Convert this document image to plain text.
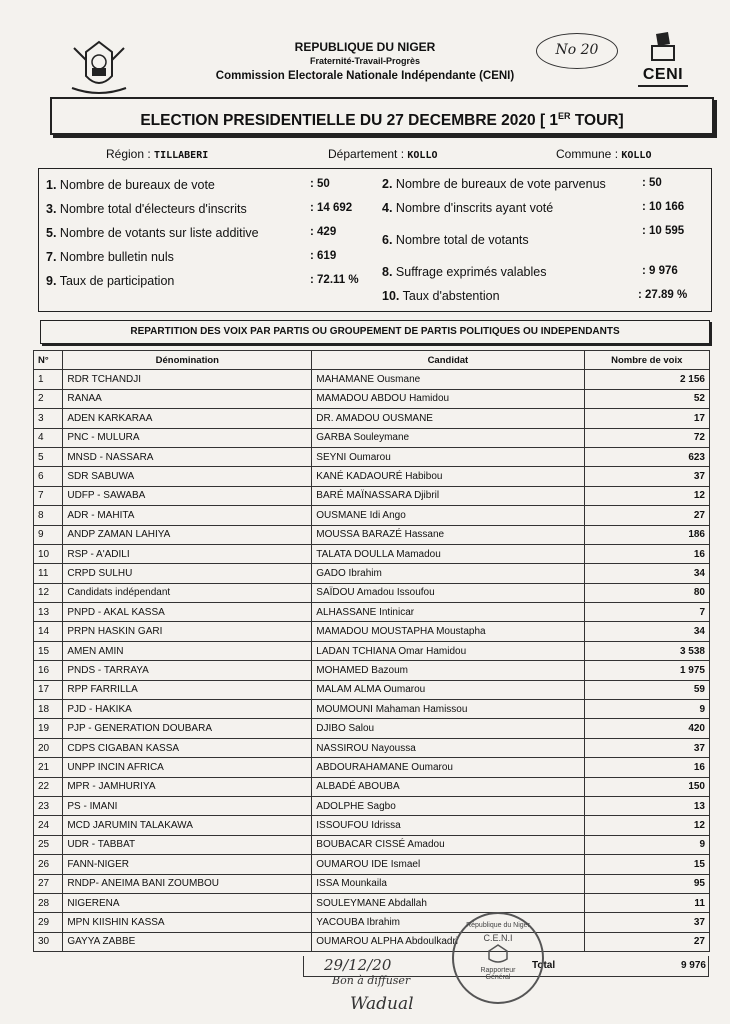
REPUBLIQUE DU NIGER
Fraternité-Travail-Progrès
Commission Electorale Nationale Indépendante (CENI)
No 20
CENI
ELECTION PRESIDENTIELLE DU 27 DECEMBRE 2020 [ 1ER TOUR]
Région : TILLABERI	Département : KOLLO	Commune : KOLLO
1. Nombre de bureaux de vote	: 50
3. Nombre total d'électeurs d'inscrits	: 14 692
5. Nombre de votants sur liste additive	: 429
7. Nombre bulletin nuls	: 619
9. Taux de participation	: 72.11 %
2. Nombre de bureaux de vote parvenus	: 50
4. Nombre d'inscrits ayant voté	: 10 166
6. Nombre total de votants
: 10 595
8. Suffrage exprimés valables	: 9 976
10. Taux d'abstention	: 27.89 %
REPARTITION DES VOIX PAR PARTIS OU GROUPEMENT DE PARTIS POLITIQUES OU INDEPENDANTS
N°	Dénomination	Candidat	Nombre de voix
1	RDR TCHANDJI	MAHAMANE Ousmane	2 156
2	RANAA	MAMADOU ABDOU Hamidou	52
3	ADEN KARKARAA	DR. AMADOU OUSMANE	17
4	PNC - MULURA	GARBA Souleymane	72
5	MNSD - NASSARA	SEYNI Oumarou	623
6	SDR SABUWA	KANÉ KADAOURÉ Habibou	37
7	UDFP - SAWABA	BARÉ MAÏNASSARA Djibril	12
8	ADR - MAHITA	OUSMANE Idi Ango	27
9	ANDP ZAMAN LAHIYA	MOUSSA BARAZÉ Hassane	186
10	RSP - A'ADILI	TALATA DOULLA Mamadou	16
11	CRPD SULHU	GADO Ibrahim	34
12	Candidats indépendant	SAÏDOU Amadou Issoufou	80
13	PNPD - AKAL KASSA	ALHASSANE Intinicar	7
14	PRPN HASKIN GARI	MAMADOU MOUSTAPHA Moustapha	34
15	AMEN AMIN	LADAN TCHIANA Omar Hamidou	3 538
16	PNDS - TARRAYA	MOHAMED Bazoum	1 975
17	RPP FARRILLA	MALAM ALMA Oumarou	59
18	PJD - HAKIKA	MOUMOUNI Mahaman Hamissou	9
19	PJP - GENERATION DOUBARA	DJIBO Salou	420
20	CDPS CIGABAN KASSA	NASSIROU Nayoussa	37
21	UNPP INCIN AFRICA	ABDOURAHAMANE Oumarou	16
22	MPR - JAMHURIYA	ALBADÉ ABOUBA	150
23	PS - IMANI	ADOLPHE Sagbo	13
24	MCD JARUMIN TALAKAWA	ISSOUFOU Idrissa	12
25	UDR - TABBAT	BOUBACAR CISSÉ Amadou	9
26	FANN-NIGER	OUMAROU IDE Ismael	15
27	RNDP- ANEIMA BANI ZOUMBOU	ISSA Mounkaila	95
28	NIGERENA	SOULEYMANE Abdallah	11
29	MPN KIISHIN KASSA	YACOUBA Ibrahim	37
30	GAYYA ZABBE	OUMAROU ALPHA Abdoulkadri	27
Total	9 976
République du Niger
C.E.N.I
Rapporteur
Général
29/12/20
Bon à diffuser
Wadual
